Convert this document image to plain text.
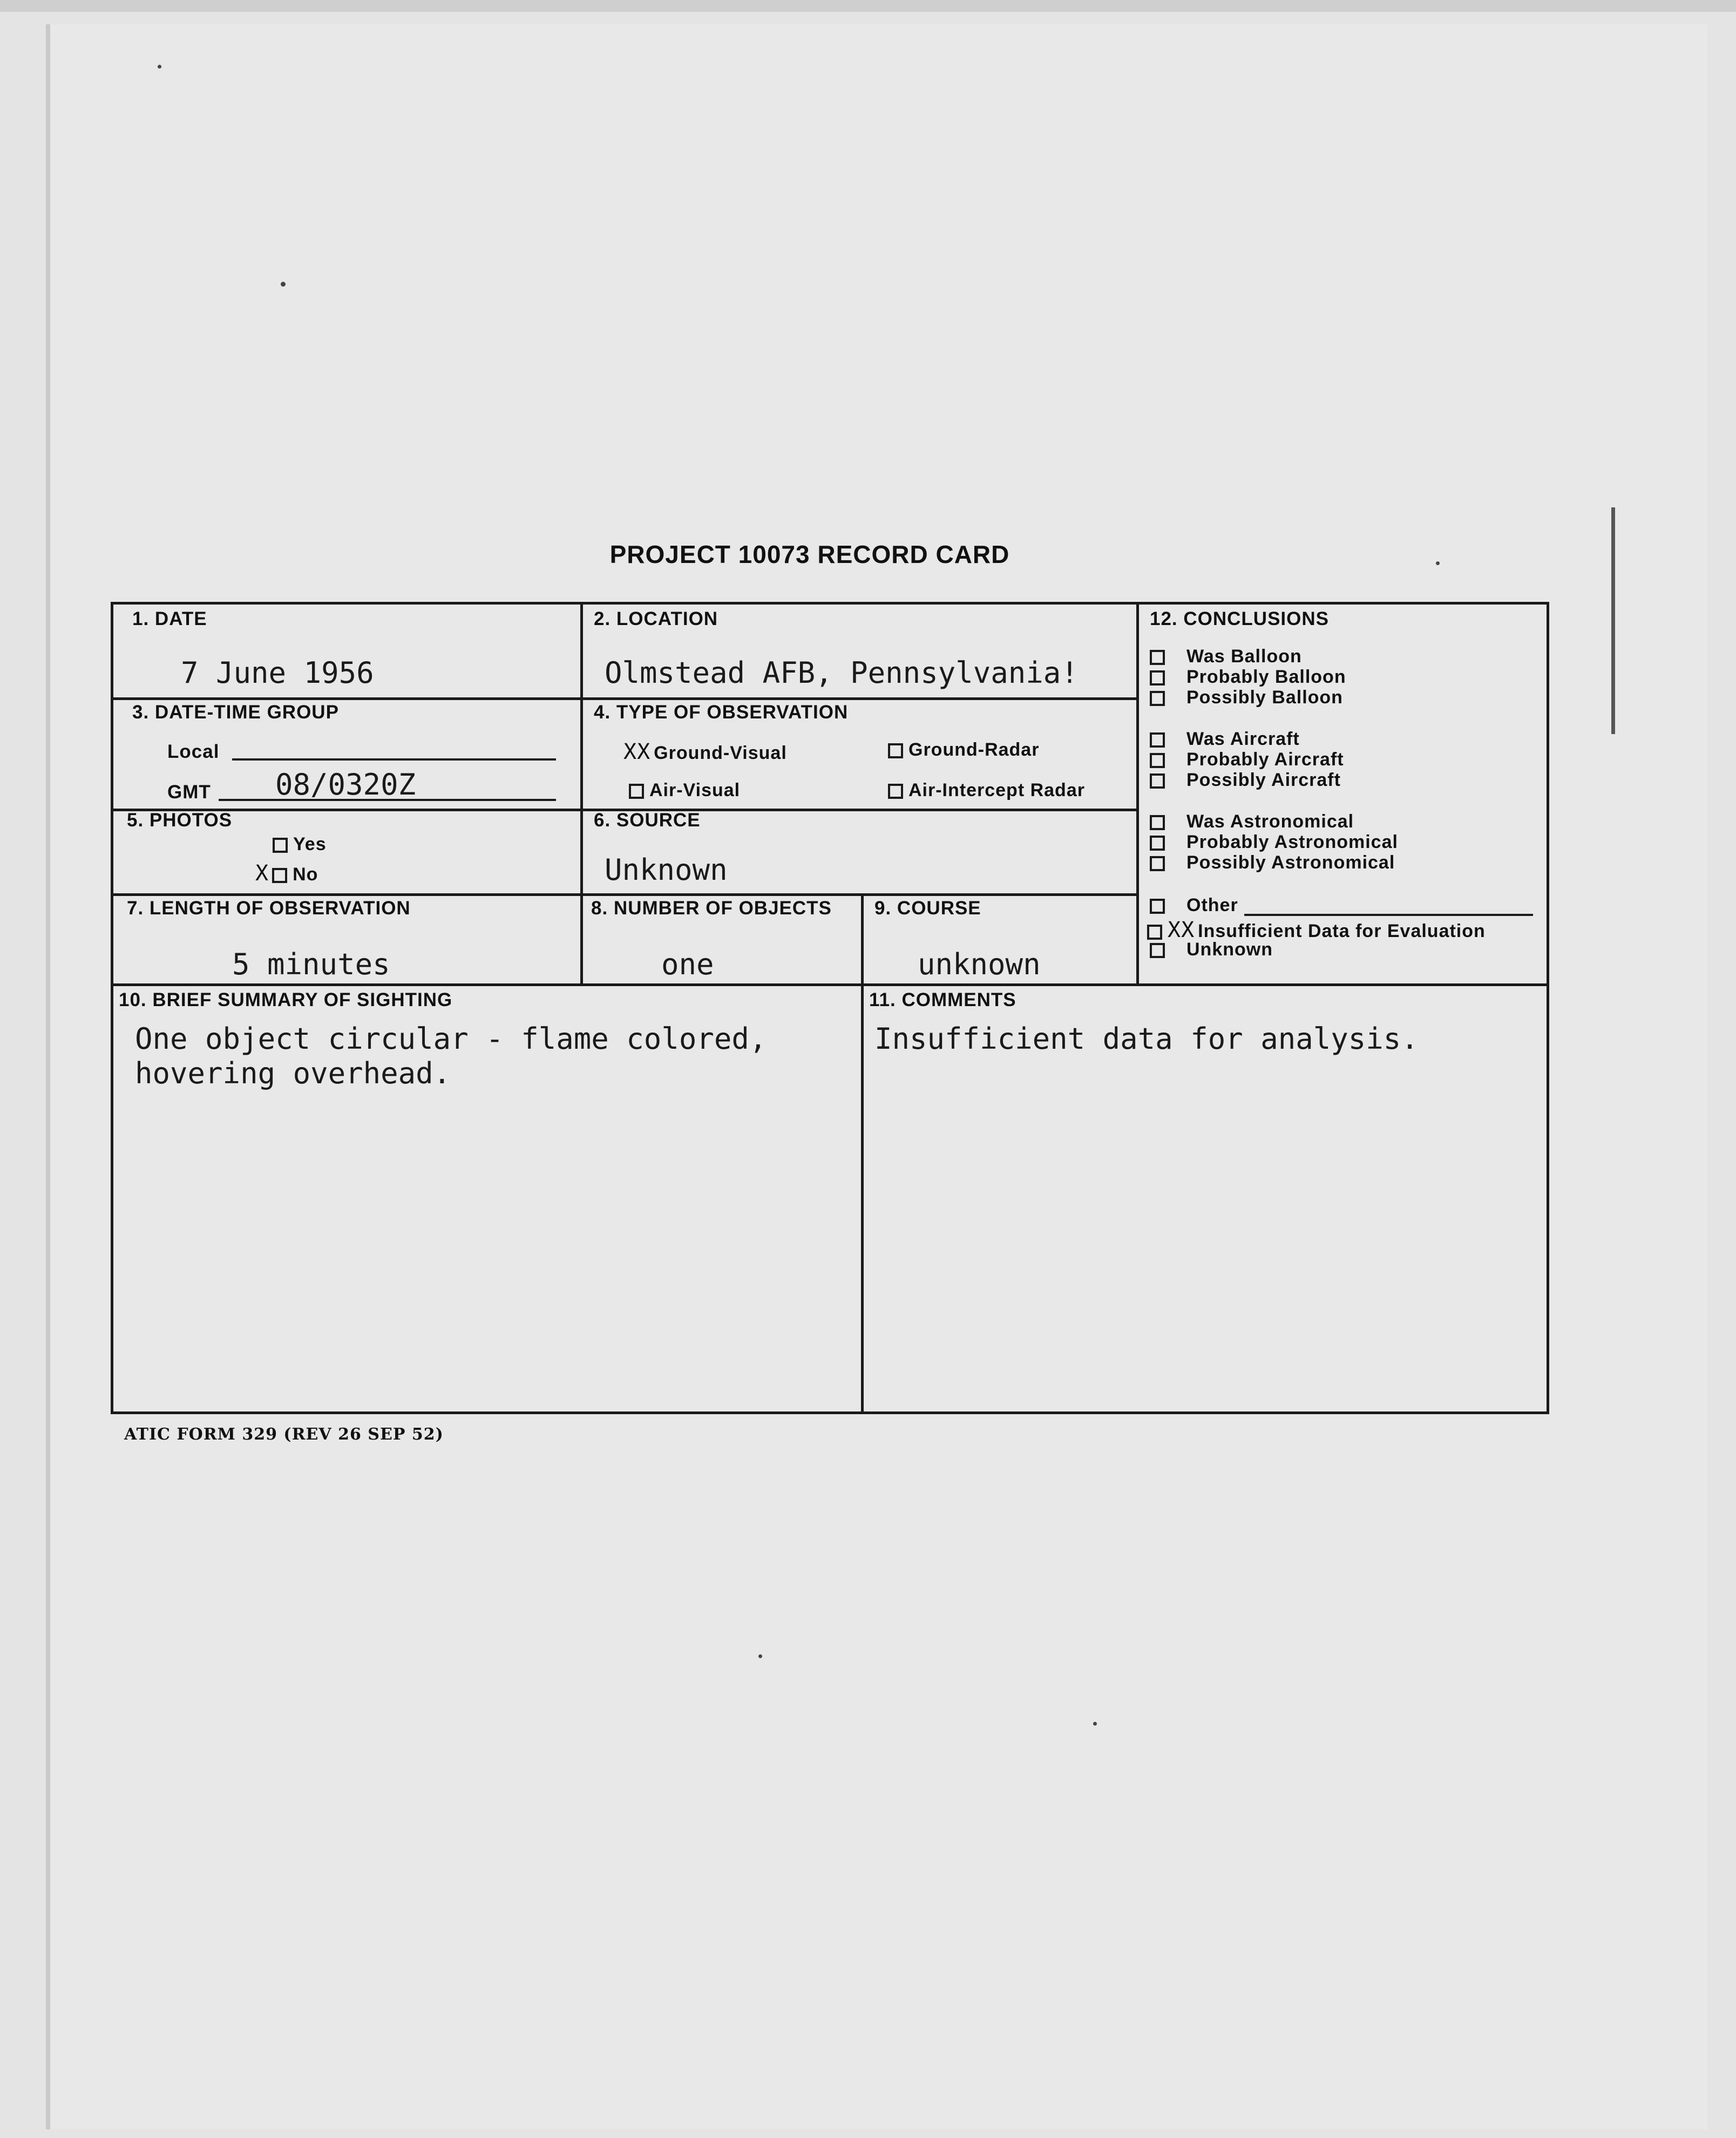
PROJECT 10073 RECORD CARD
1. DATE
7 June 1956
2. LOCATION
Olmstead AFB, Pennsylvania!
3. DATE-TIME GROUP
Local
GMT 08/0320Z
4. TYPE OF OBSERVATION
XX Ground-Visual	Ground-Radar
Air-Visual	Air-Intercept Radar
5. PHOTOS
Yes
X No
6. SOURCE
Unknown
7. LENGTH OF OBSERVATION
5 minutes
8. NUMBER OF OBJECTS
one
9. COURSE
unknown
10. BRIEF SUMMARY OF SIGHTING
One object circular - flame colored,
hovering overhead.
11. COMMENTS
Insufficient data for analysis.
12. CONCLUSIONS
Was Balloon
Probably Balloon
Possibly Balloon
Was Aircraft
Probably Aircraft
Possibly Aircraft
Was Astronomical
Probably Astronomical
Possibly Astronomical
Other
XX Insufficient Data for Evaluation
Unknown
ATIC FORM 329 (REV 26 SEP 52)
